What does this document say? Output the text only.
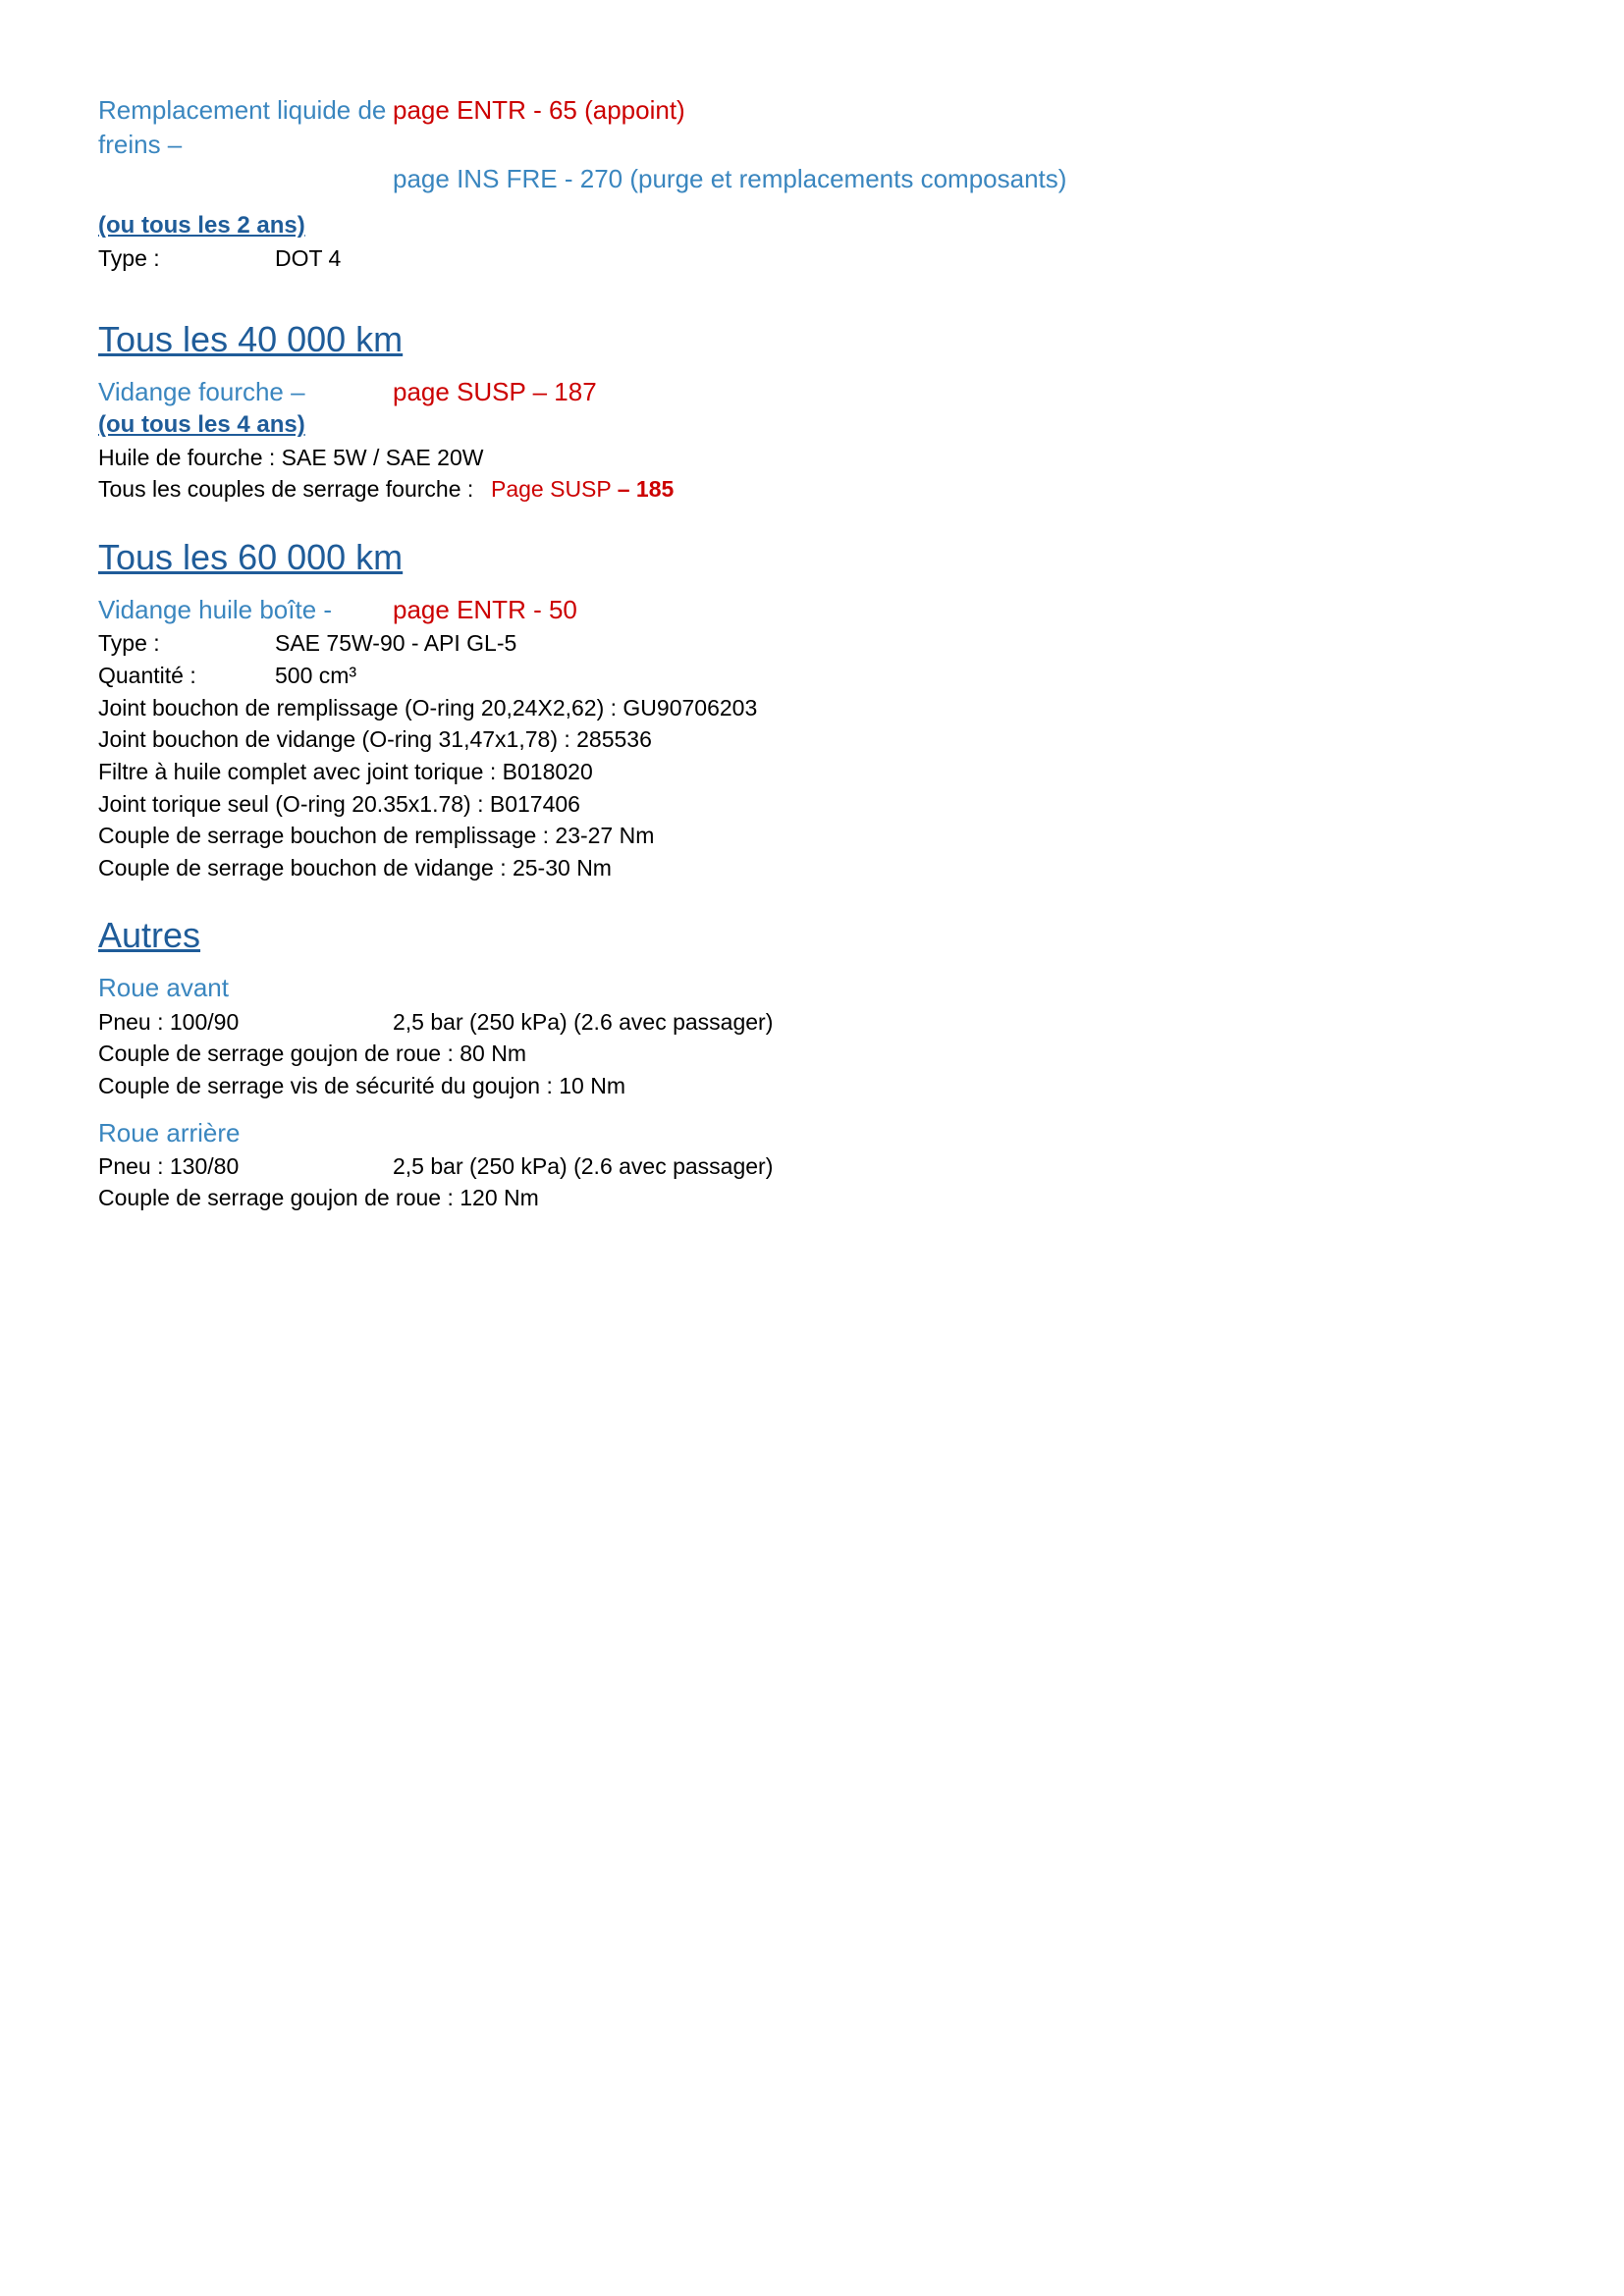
Remplacement liquide de freins –
page ENTR - 65 (appoint)
page INS FRE - 270 (purge et remplacements composants)
(ou tous les 2 ans)
Type :	DOT 4
Tous les 40 000 km
Vidange fourche –	page SUSP – 187
(ou tous les 4 ans)
Huile de fourche : SAE 5W / SAE 20W
Tous les couples de serrage fourche : Page SUSP – 185
Tous les 60 000 km
Vidange huile boîte -	page ENTR - 50
Type :	SAE 75W-90 - API GL-5
Quantité :	500 cm³
Joint bouchon de remplissage (O-ring 20,24X2,62) : GU90706203
Joint bouchon de vidange (O-ring 31,47x1,78) : 285536
Filtre à huile complet avec joint torique : B018020
Joint torique seul (O-ring 20.35x1.78) : B017406
Couple de serrage bouchon de remplissage : 23-27 Nm
Couple de serrage bouchon de vidange : 25-30 Nm
Autres
Roue avant
Pneu : 100/90	2,5 bar (250 kPa) (2.6 avec passager)
Couple de serrage goujon de roue : 80 Nm
Couple de serrage vis de sécurité du goujon : 10 Nm
Roue arrière
Pneu : 130/80	2,5 bar (250 kPa) (2.6 avec passager)
Couple de serrage goujon de roue : 120 Nm
